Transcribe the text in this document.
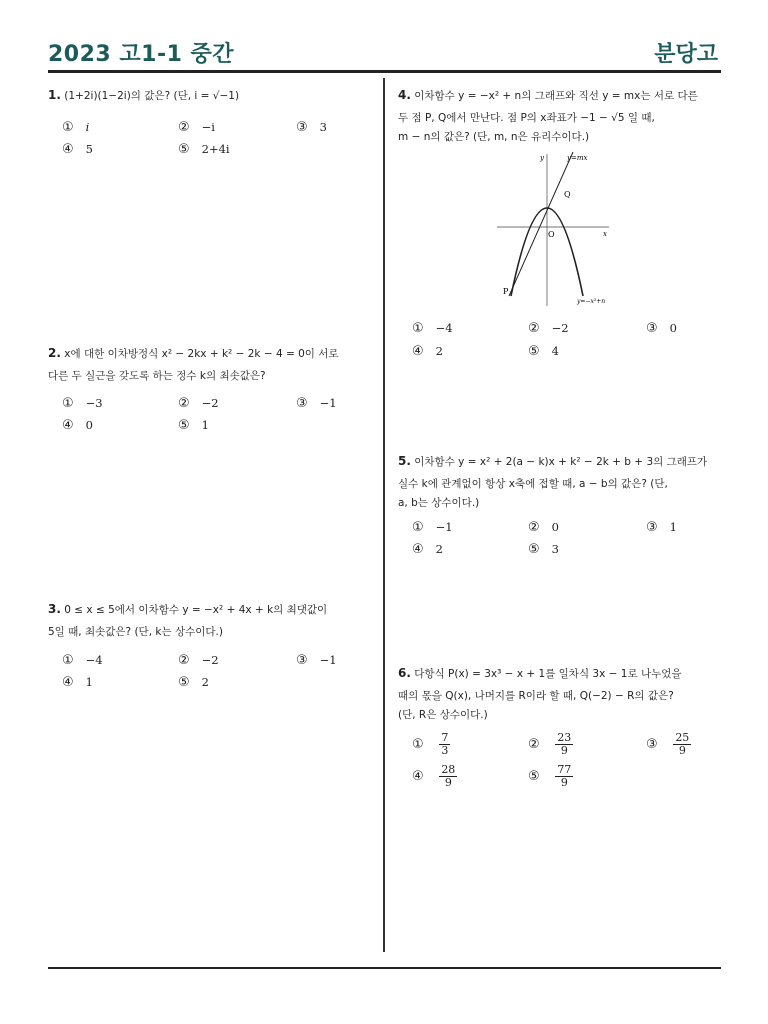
2023 고1-1 중간	분당고
1. (1+2i)(1−2i)의 값은? (단, i = √−1)
① i	② −i	③ 3
④ 5	⑤ 2+4i
2. x에 대한 이차방정식 x² − 2kx + k² − 2k − 4 = 0이 서로
다른 두 실근을 갖도록 하는 정수 k의 최솟값은?
① −3	② −2	③ −1
④ 0	⑤ 1
3. 0 ≤ x ≤ 5에서 이차함수 y = −x² + 4x + k의 최댓값이
5일 때, 최솟값은? (단, k는 상수이다.)
① −4	② −2	③ −1
④ 1	⑤ 2
4. 이차함수 y = −x² + n의 그래프와 직선 y = mx는 서로 다른
두 점 P, Q에서 만난다. 점 P의 x좌표가 −1 − √5 일 때,
m − n의 값은? (단, m, n은 유리수이다.)
y	y=mx
Q
O	x
P
y=−x²+n
① −4	② −2	③ 0
④ 2	⑤ 4
5. 이차함수 y = x² + 2(a − k)x + k² − 2k + b + 3의 그래프가
실수 k에 관계없이 항상 x축에 접할 때, a − b의 값은? (단,
a, b는 상수이다.)
① −1	② 0	③ 1
④ 2	⑤ 3
6. 다항식 P(x) = 3x³ − x + 1를 일차식 3x − 1로 나누었을
때의 몫을 Q(x), 나머지를 R이라 할 때, Q(−2) − R의 값은?
(단, R은 상수이다.)
① $\frac{7}{3}$	② $\frac{23}{9}$	③ $\frac{25}{9}$
④ $\frac{28}{9}$	⑤ $\frac{77}{9}$
